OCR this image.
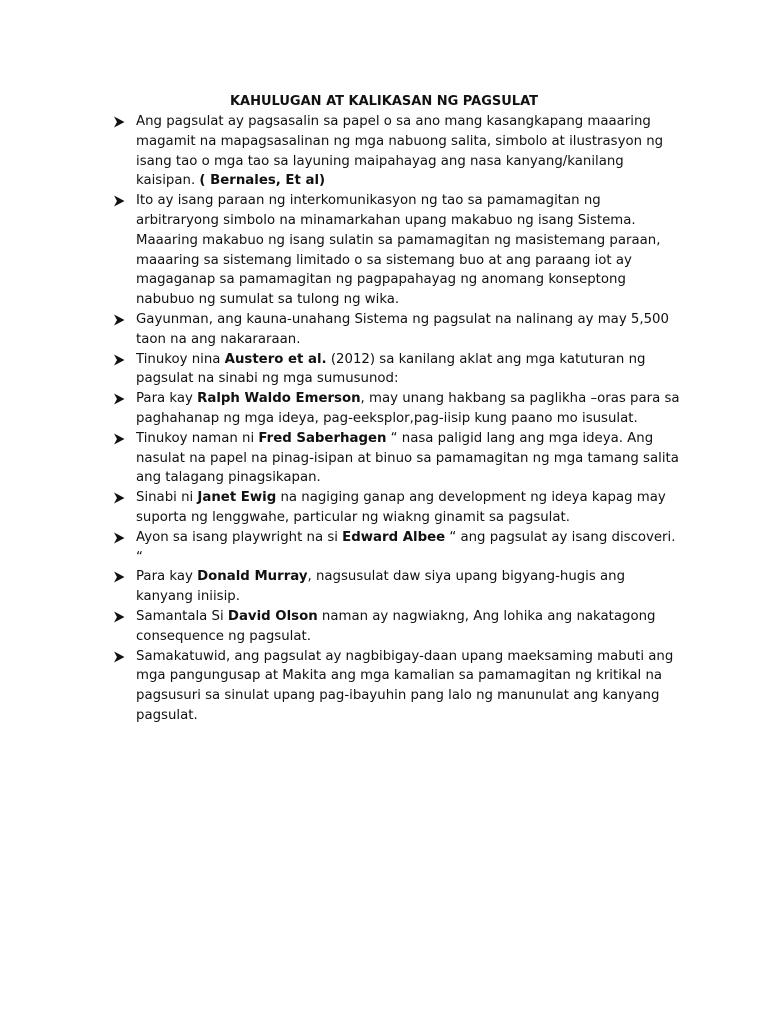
KAHULUGAN AT KALIKASAN NG PAGSULAT
Ang pagsulat ay pagsasalin sa papel o sa ano mang kasangkapang maaaring magamit na mapagsasalinan ng mga nabuong salita, simbolo at ilustrasyon ng isang tao o mga tao sa layuning maipahayag ang nasa kanyang/kanilang kaisipan. ( Bernales, Et al)
Ito ay isang paraan ng interkomunikasyon ng tao sa pamamagitan ng arbitraryong simbolo na minamarkahan upang makabuo ng isang Sistema. Maaaring makabuo ng isang sulatin sa pamamagitan ng masistemang paraan, maaaring sa sistemang limitado o sa sistemang buo at ang paraang iot ay magaganap sa pamamagitan ng pagpapahayag ng anomang konseptong nabubuo ng sumulat sa tulong ng wika.
Gayunman, ang kauna-unahang Sistema ng pagsulat na nalinang ay may 5,500 taon na ang nakararaan.
Tinukoy nina Austero et al. (2012) sa kanilang aklat ang mga katuturan ng pagsulat na sinabi ng mga sumusunod:
Para kay Ralph Waldo Emerson, may unang hakbang sa paglikha –oras para sa paghahanap ng mga ideya, pag-eeksplor,pag-iisip kung paano mo isusulat.
Tinukoy naman ni Fred Saberhagen “ nasa paligid lang ang mga ideya. Ang nasulat na papel na pinag-isipan at binuo sa pamamagitan ng mga tamang salita ang talagang pinagsikapan.
Sinabi ni Janet Ewig na nagiging ganap ang development ng ideya kapag may suporta ng lenggwahe, particular ng wiakng ginamit sa pagsulat.
Ayon sa isang playwright na si Edward Albee “ ang pagsulat ay isang discoveri. “
Para kay Donald Murray, nagsusulat daw siya upang bigyang-hugis ang kanyang iniisip.
Samantala Si David Olson naman ay nagwiakng, Ang lohika ang nakatagong consequence ng pagsulat.
Samakatuwid, ang pagsulat ay nagbibigay-daan upang maeksaming mabuti ang mga pangungusap at Makita ang mga kamalian sa pamamagitan ng kritikal na pagsusuri sa sinulat upang pag-ibayuhin pang lalo ng manunulat ang kanyang pagsulat.
